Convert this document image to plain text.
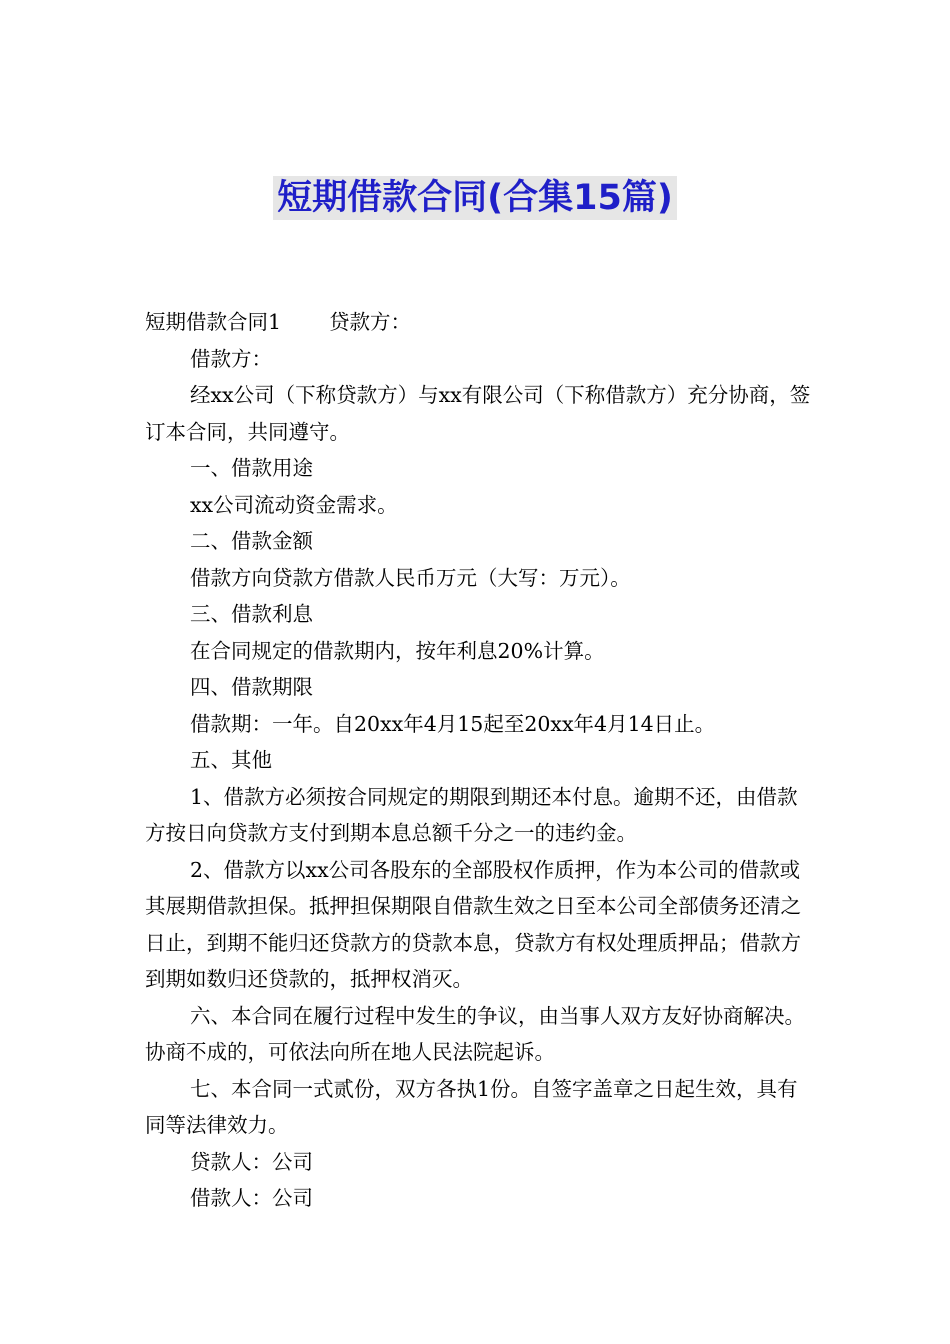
短期借款合同(合集15篇)

短期借款合同1 贷款方：

借款方：

经xx公司（下称贷款方）与xx有限公司（下称借款方）充分协商，签订本合同，共同遵守。

一、借款用途

xx公司流动资金需求。

二、借款金额

借款方向贷款方借款人民币万元（大写：万元）。

三、借款利息

在合同规定的借款期内，按年利息20%计算。

四、借款期限

借款期：一年。自20xx年4月15起至20xx年4月14日止。

五、其他

1、借款方必须按合同规定的期限到期还本付息。逾期不还，由借款方按日向贷款方支付到期本息总额千分之一的违约金。

2、借款方以xx公司各股东的全部股权作质押，作为本公司的借款或其展期借款担保。抵押担保期限自借款生效之日至本公司全部债务还清之日止，到期不能归还贷款方的贷款本息，贷款方有权处理质押品；借款方到期如数归还贷款的，抵押权消灭。

六、本合同在履行过程中发生的争议，由当事人双方友好协商解决。协商不成的，可依法向所在地人民法院起诉。

七、本合同一式贰份，双方各执1份。自签字盖章之日起生效，具有同等法律效力。

贷款人：公司

借款人：公司
